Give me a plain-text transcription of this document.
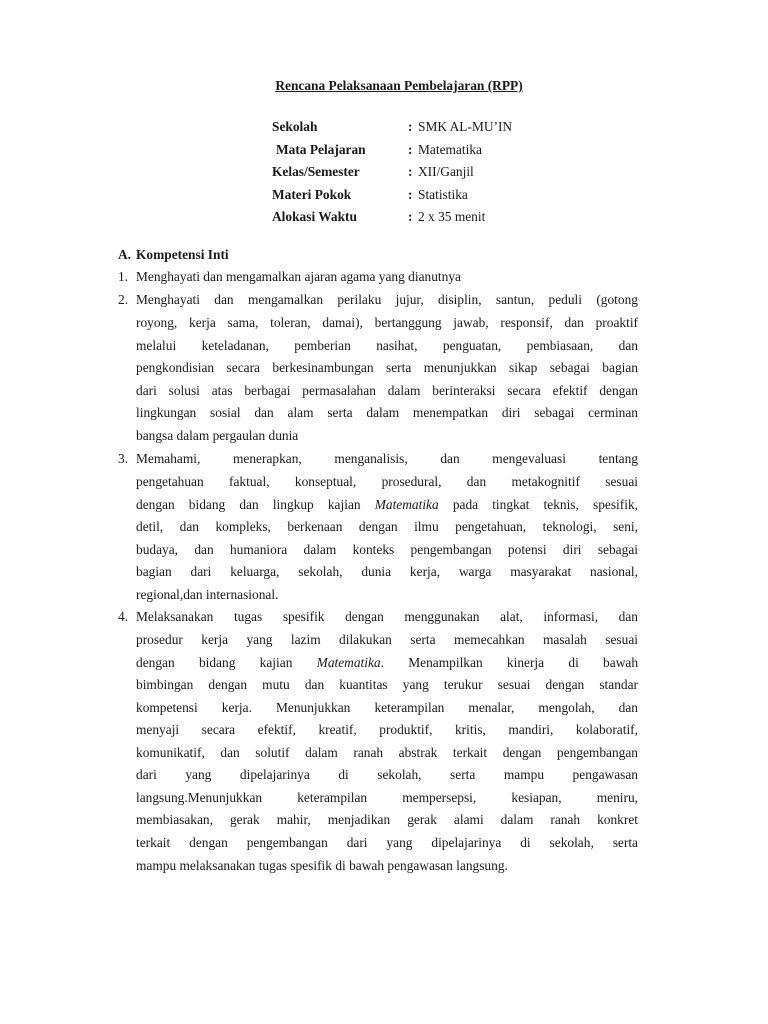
Rencana Pelaksanaan Pembelajaran (RPP)
Sekolah	: SMK AL-MU’IN
Mata Pelajaran	: Matematika
Kelas/Semester	: XII/Ganjil
Materi Pokok	: Statistika
Alokasi Waktu	: 2 x 35 menit
A. Kompetensi Inti
1. Menghayati dan mengamalkan ajaran agama yang dianutnya
2. Menghayati dan mengamalkan perilaku jujur, disiplin, santun, peduli (gotong
royong, kerja sama, toleran, damai), bertanggung jawab, responsif, dan proaktif
melalui keteladanan, pemberian nasihat, penguatan, pembiasaan, dan
pengkondisian secara berkesinambungan serta menunjukkan sikap sebagai bagian
dari solusi atas berbagai permasalahan dalam berinteraksi secara efektif dengan
lingkungan sosial dan alam serta dalam menempatkan diri sebagai cerminan
bangsa dalam pergaulan dunia
3. Memahami, menerapkan, menganalisis, dan mengevaluasi tentang
pengetahuan faktual, konseptual, prosedural, dan metakognitif sesuai
dengan bidang dan lingkup kajian Matematika pada tingkat teknis, spesifik,
detil, dan kompleks, berkenaan dengan ilmu pengetahuan, teknologi, seni,
budaya, dan humaniora dalam konteks pengembangan potensi diri sebagai
bagian dari keluarga, sekolah, dunia kerja, warga masyarakat nasional,
regional,dan internasional.
4. Melaksanakan tugas spesifik dengan menggunakan alat, informasi, dan
prosedur kerja yang lazim dilakukan serta memecahkan masalah sesuai
dengan bidang kajian Matematika. Menampilkan kinerja di bawah
bimbingan dengan mutu dan kuantitas yang terukur sesuai dengan standar
kompetensi kerja. Menunjukkan keterampilan menalar, mengolah, dan
menyaji secara efektif, kreatif, produktif, kritis, mandiri, kolaboratif,
komunikatif, dan solutif dalam ranah abstrak terkait dengan pengembangan
dari yang dipelajarinya di sekolah, serta mampu pengawasan
langsung.Menunjukkan keterampilan mempersepsi, kesiapan, meniru,
membiasakan, gerak mahir, menjadikan gerak alami dalam ranah konkret
terkait dengan pengembangan dari yang dipelajarinya di sekolah, serta
mampu melaksanakan tugas spesifik di bawah pengawasan langsung.
